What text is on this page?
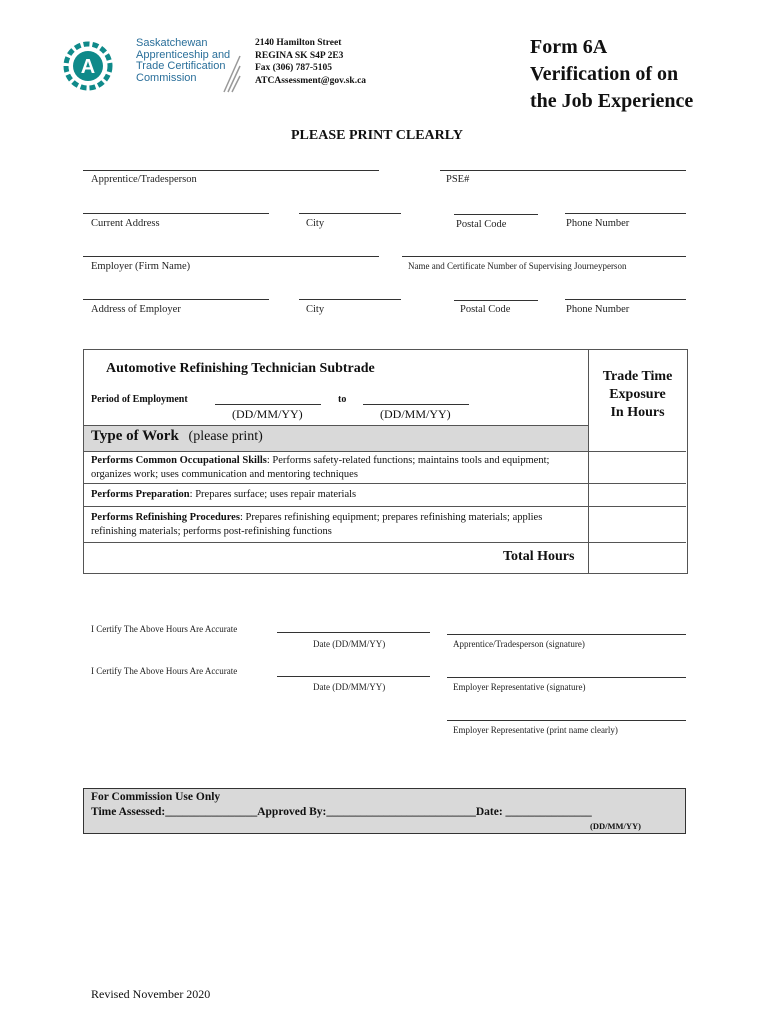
A
Saskatchewan
Apprenticeship and
Trade Certification
Commission
2140 Hamilton Street
REGINA SK S4P 2E3
Fax (306) 787-5105
ATCAssessment@gov.sk.ca
Form 6A
Verification of on
the Job Experience
PLEASE PRINT CLEARLY
Apprentice/Tradesperson	PSE#
Current Address	City	Postal Code	Phone Number
Employer (Firm Name)	Name and Certificate Number of Supervising Journeyperson
Address of Employer	City	Postal Code	Phone Number
Automotive Refinishing Technician Subtrade
Period of Employment	to
(DD/MM/YY)	(DD/MM/YY)
Trade Time
Exposure
In Hours
Type of Work (please print)
Performs Common Occupational Skills: Performs safety-related functions; maintains tools and equipment; organizes work; uses communication and mentoring techniques
Performs Preparation: Prepares surface; uses repair materials
Performs Refinishing Procedures: Prepares refinishing equipment; prepares refinishing materials; applies refinishing materials; performs post-refinishing functions
Total Hours
I Certify The Above Hours Are Accurate
Date (DD/MM/YY)	Apprentice/Tradesperson (signature)
I Certify The Above Hours Are Accurate
Date (DD/MM/YY)	Employer Representative (signature)
Employer Representative (print name clearly)
For Commission Use Only
Time Assessed:________________Approved By:__________________________Date: _______________
(DD/MM/YY)
Revised November 2020
